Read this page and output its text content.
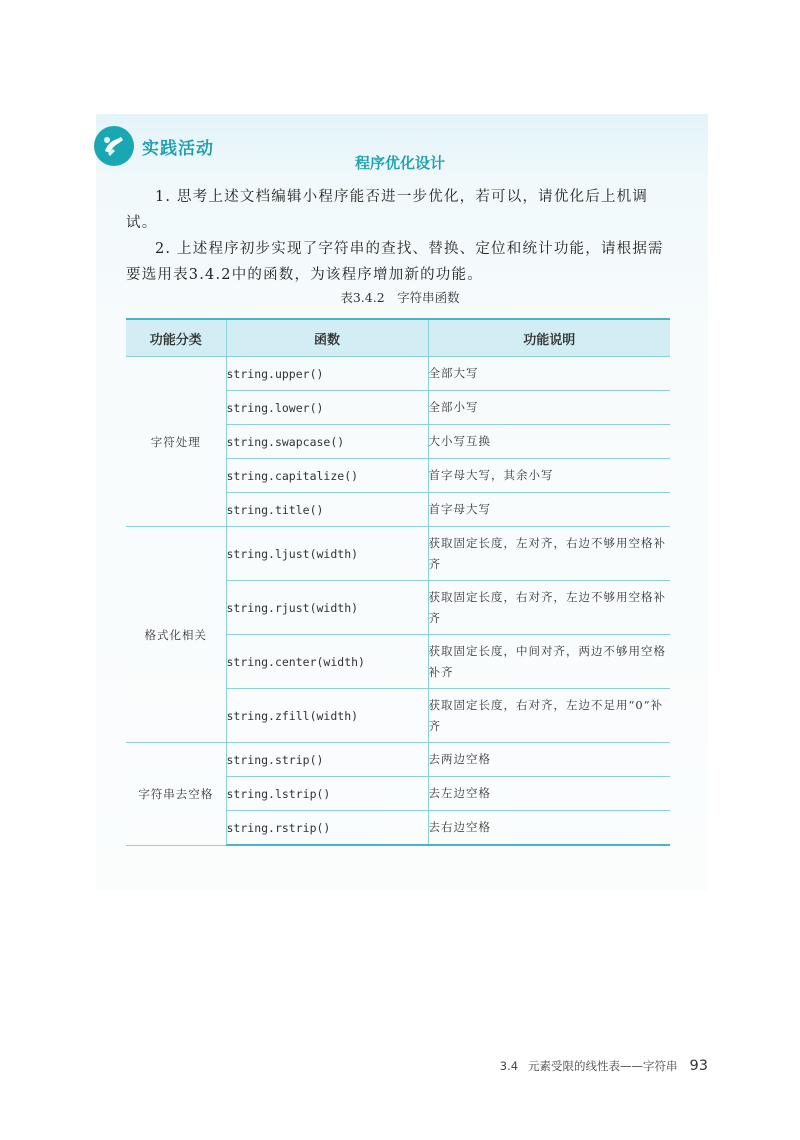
实践活动
程序优化设计

1. 思考上述文档编辑小程序能否进一步优化，若可以，请优化后上机调试。

2. 上述程序初步实现了字符串的查找、替换、定位和统计功能，请根据需要选用表3.4.2中的函数，为该程序增加新的功能。

表3.4.2　字符串函数
功能分类	函数	功能说明
字符处理	string.upper()	全部大写
	string.lower()	全部小写
	string.swapcase()	大小写互换
	string.capitalize()	首字母大写，其余小写
	string.title()	首字母大写
格式化相关	string.ljust(width)	获取固定长度，左对齐，右边不够用空格补齐
	string.rjust(width)	获取固定长度，右对齐，左边不够用空格补齐
	string.center(width)	获取固定长度，中间对齐，两边不够用空格补齐
	string.zfill(width)	获取固定长度，右对齐，左边不足用“0”补齐
字符串去空格	string.strip()	去两边空格
	string.lstrip()	去左边空格
	string.rstrip()	去右边空格
3.4 元素受限的线性表——字符串 93
